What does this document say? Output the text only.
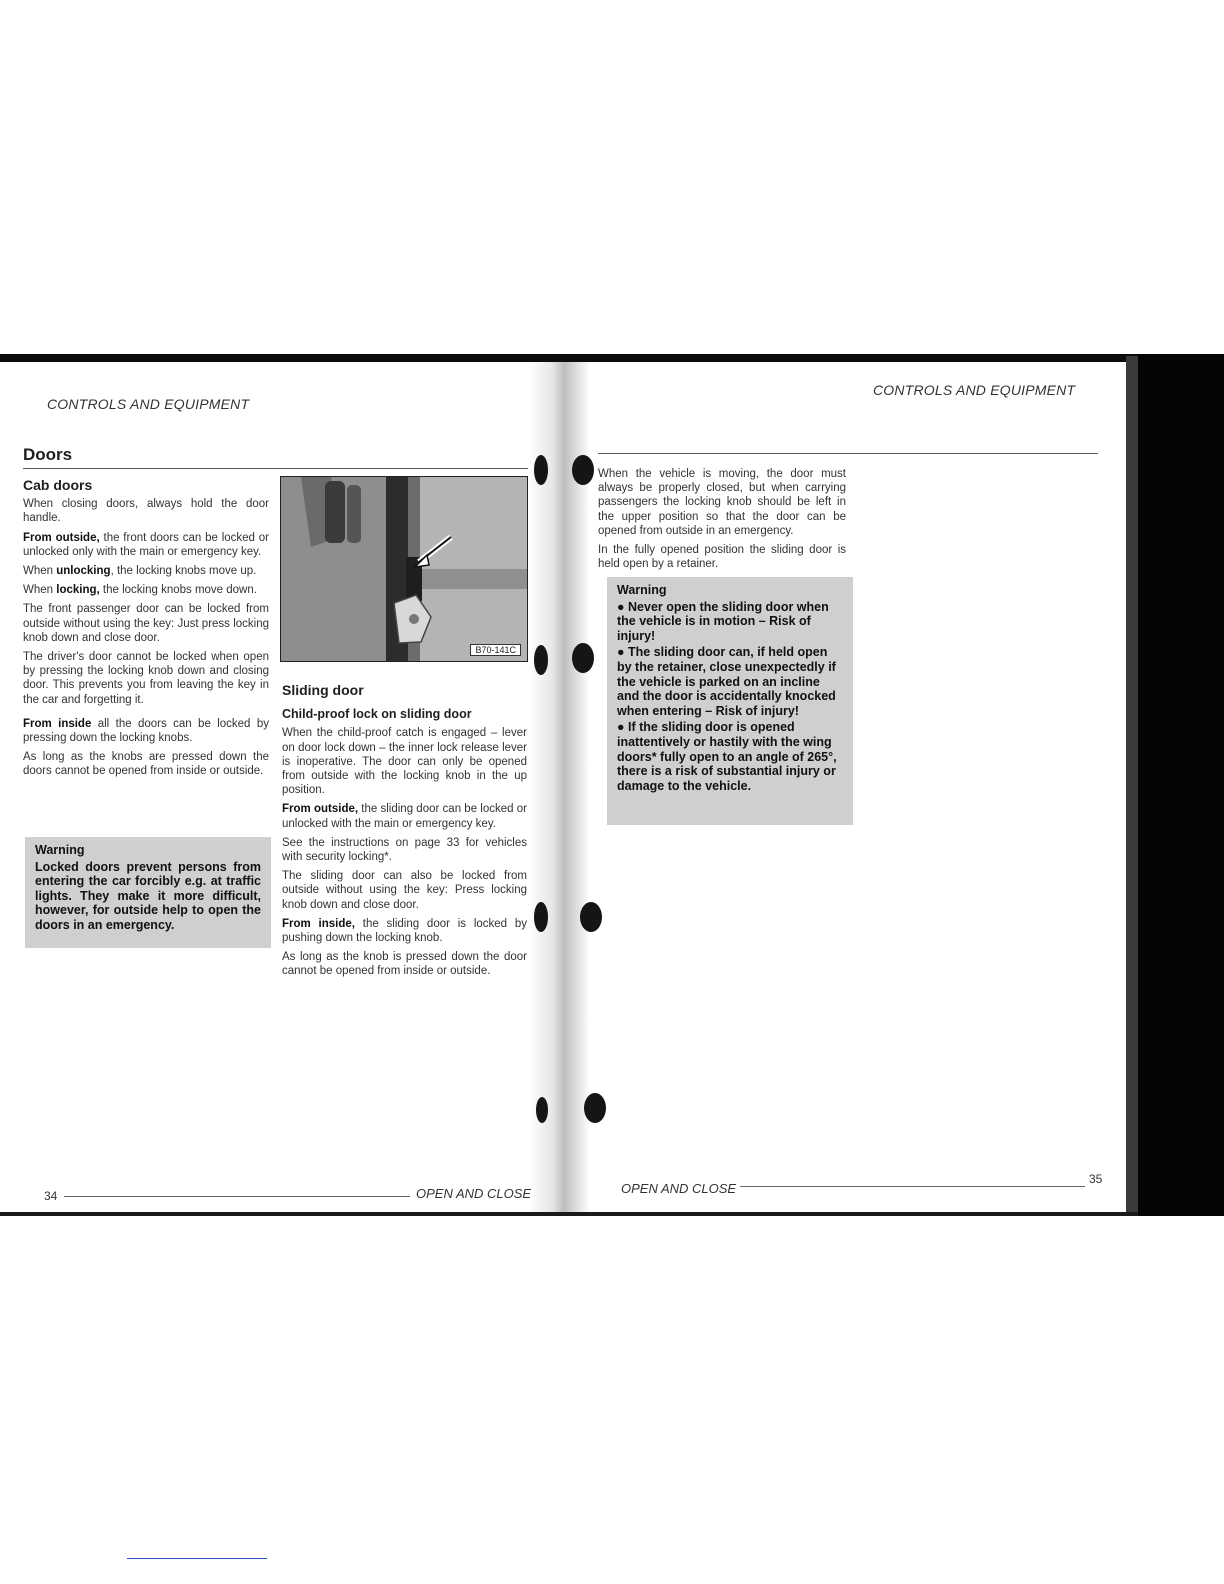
CONTROLS AND EQUIPMENT
Doors
Cab doors

When closing doors, always hold the door handle.

From outside, the front doors can be locked or unlocked only with the main or emergency key.

When unlocking, the locking knobs move up.

When locking, the locking knobs move down.

The front passenger door can be locked from outside without using the key: Just press locking knob down and close door.

The driver's door cannot be locked when open by pressing the locking knob down and closing door. This prevents you from leaving the key in the car and forgetting it.

From inside all the doors can be locked by pressing down the locking knobs.

As long as the knobs are pressed down the doors cannot be opened from inside or outside.

Warning
Locked doors prevent persons from entering the car forcibly e.g. at traffic lights. They make it more difficult, however, for outside help to open the doors in an emergency.
B70-141C
Sliding door
Child-proof lock on sliding door

When the child-proof catch is engaged – lever on door lock down – the inner lock release lever is inoperative. The door can only be opened from outside with the locking knob in the up position.

From outside, the sliding door can be locked or unlocked with the main or emergency key.

See the instructions on page 33 for vehicles with security locking*.

The sliding door can also be locked from outside without using the key: Press locking knob down and close door.

From inside, the sliding door is locked by pushing down the locking knob.

As long as the knob is pressed down the door cannot be opened from inside or outside.

34	OPEN AND CLOSE
CONTROLS AND EQUIPMENT

When the vehicle is moving, the door must always be properly closed, but when carrying passengers the locking knob should be left in the upper position so that the door can be opened from outside in an emergency.

In the fully opened position the sliding door is held open by a retainer.

Warning
● Never open the sliding door when the vehicle is in motion – Risk of injury!
● The sliding door can, if held open by the retainer, close unexpectedly if the vehicle is parked on an incline and the door is accidentally knocked when entering – Risk of injury!
● If the sliding door is opened inattentively or hastily with the wing doors* fully open to an angle of 265°, there is a risk of substantial injury or damage to the vehicle.
OPEN AND CLOSE
35
